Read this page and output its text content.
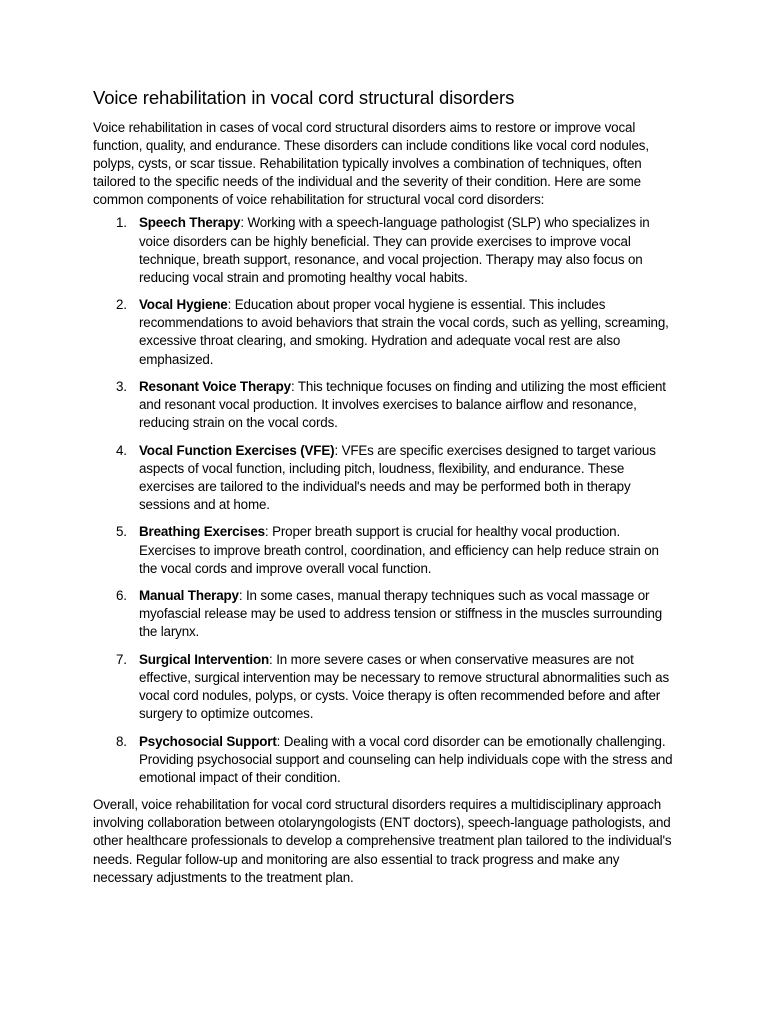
Voice rehabilitation in vocal cord structural disorders

Voice rehabilitation in cases of vocal cord structural disorders aims to restore or improve vocal function, quality, and endurance. These disorders can include conditions like vocal cord nodules, polyps, cysts, or scar tissue. Rehabilitation typically involves a combination of techniques, often tailored to the specific needs of the individual and the severity of their condition. Here are some common components of voice rehabilitation for structural vocal cord disorders:

1. Speech Therapy: Working with a speech-language pathologist (SLP) who specializes in voice disorders can be highly beneficial. They can provide exercises to improve vocal technique, breath support, resonance, and vocal projection. Therapy may also focus on reducing vocal strain and promoting healthy vocal habits.
2. Vocal Hygiene: Education about proper vocal hygiene is essential. This includes recommendations to avoid behaviors that strain the vocal cords, such as yelling, screaming, excessive throat clearing, and smoking. Hydration and adequate vocal rest are also emphasized.
3. Resonant Voice Therapy: This technique focuses on finding and utilizing the most efficient and resonant vocal production. It involves exercises to balance airflow and resonance, reducing strain on the vocal cords.
4. Vocal Function Exercises (VFE): VFEs are specific exercises designed to target various aspects of vocal function, including pitch, loudness, flexibility, and endurance. These exercises are tailored to the individual's needs and may be performed both in therapy sessions and at home.
5. Breathing Exercises: Proper breath support is crucial for healthy vocal production. Exercises to improve breath control, coordination, and efficiency can help reduce strain on the vocal cords and improve overall vocal function.
6. Manual Therapy: In some cases, manual therapy techniques such as vocal massage or myofascial release may be used to address tension or stiffness in the muscles surrounding the larynx.
7. Surgical Intervention: In more severe cases or when conservative measures are not effective, surgical intervention may be necessary to remove structural abnormalities such as vocal cord nodules, polyps, or cysts. Voice therapy is often recommended before and after surgery to optimize outcomes.
8. Psychosocial Support: Dealing with a vocal cord disorder can be emotionally challenging. Providing psychosocial support and counseling can help individuals cope with the stress and emotional impact of their condition.

Overall, voice rehabilitation for vocal cord structural disorders requires a multidisciplinary approach involving collaboration between otolaryngologists (ENT doctors), speech-language pathologists, and other healthcare professionals to develop a comprehensive treatment plan tailored to the individual's needs. Regular follow-up and monitoring are also essential to track progress and make any necessary adjustments to the treatment plan.
